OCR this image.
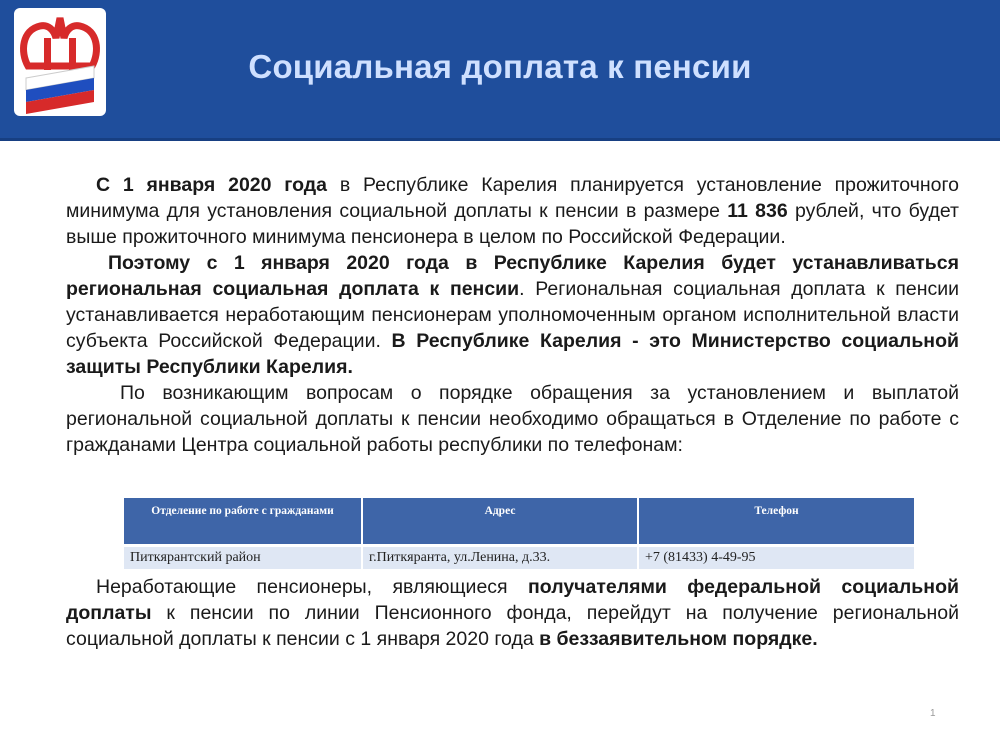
Социальная доплата к пенсии

С 1 января 2020 года в Республике Карелия планируется установление прожиточного минимума для установления социальной доплаты к пенсии в размере 11 836 рублей, что будет выше прожиточного минимума пенсионера в целом по Российской Федерации.

Поэтому с 1 января 2020 года в Республике Карелия будет устанавливаться региональная социальная доплата к пенсии. Региональная социальная доплата к пенсии устанавливается неработающим пенсионерам уполномоченным органом исполнительной власти субъекта Российской Федерации. В Республике Карелия - это Министерство социальной защиты Республики Карелия.

По возникающим вопросам о порядке обращения за установлением и выплатой региональной социальной доплаты к пенсии необходимо обращаться в Отделение по работе с гражданами Центра социальной работы республики по телефонам:

Отделение по работе с гражданами	Адрес	Телефон
Питкярантский район	г.Питкяранта, ул.Ленина, д.33.	+7 (81433) 4-49-95

Неработающие пенсионеры, являющиеся получателями федеральной социальной доплаты к пенсии по линии Пенсионного фонда, перейдут на получение региональной социальной доплаты к пенсии с 1 января 2020 года в беззаявительном порядке.

1
